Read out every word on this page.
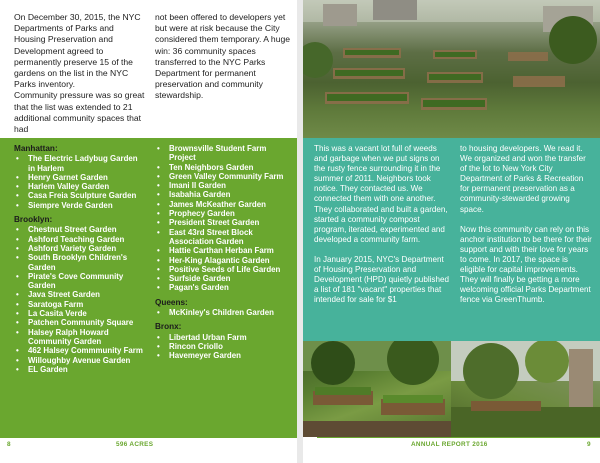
On December 30, 2015, the NYC Departments of Parks and Housing Preservation and Development agreed to permanently preserve 15 of the gardens on the list in the NYC Parks inventory.

Community pressure was so great that the list was extended to 21 additional community spaces that had

not been offered to developers yet but were at risk because the City considered them temporary. A huge win: 36 community spaces transferred to the NYC Parks Department for permanent preservation and community stewardship.

Manhattan:
• The Electric Ladybug Garden in Harlem
• Henry Garnet Garden
• Harlem Valley Garden
• Casa Freia Sculpture Garden
• Siempre Verde Garden
Brooklyn:
• Chestnut Street Garden
• Ashford Teaching Garden
• Ashford Variety Garden
• South Brooklyn Children's Garden
• Pirate's Cove Community Garden
• Java Street Garden
• Saratoga Farm
• La Casita Verde
• Patchen Community Square
• Halsey Ralph Howard Community Garden
• 462 Halsey Commmunity Farm
• Willoughby Avenue Garden
• EL Garden
• Brownsville Student Farm Project
• Ten Neighbors Garden
• Green Valley Community Farm
• Imani II Garden
• Isabahia Garden
• James McKeather Garden
• Prophecy Garden
• President Street Garden
• East 43rd Street Block Association Garden
• Hattie Carthan Herban Farm
• Her-King Alagantic Garden
• Positive Seeds of Life Garden
• Surfside Garden
• Pagan's Garden
Queens:
• McKinley's Children Garden
Bronx:
• Libertad Urban Farm
• Rincon Criollo
• Havemeyer Garden
8	596 ACRES

This was a vacant lot full of weeds and garbage when we put signs on the rusty fence surrounding it in the summer of 2011. Neighbors took notice. They contacted us. We connected them with one another. They collaborated and built a garden, started a community compost program, iterated, experimented and developed a community farm.

In January 2015, NYC's Department of Housing Preservation and Development (HPD) quietly published a list of 181 "vacant" properties that intended for sale for $1

to housing developers. We read it. We organized and won the transfer of the lot to New York City Department of Parks & Recreation for permanent preservation as a community-stewarded growing space.

Now this community can rely on this anchor institution to be there for their support and with their love for years to come. In 2017, the space is eligible for capital improvements. They will finally be getting a more welcoming official Parks Department fence via GreenThumb.

ANNUAL REPORT 2016	9
